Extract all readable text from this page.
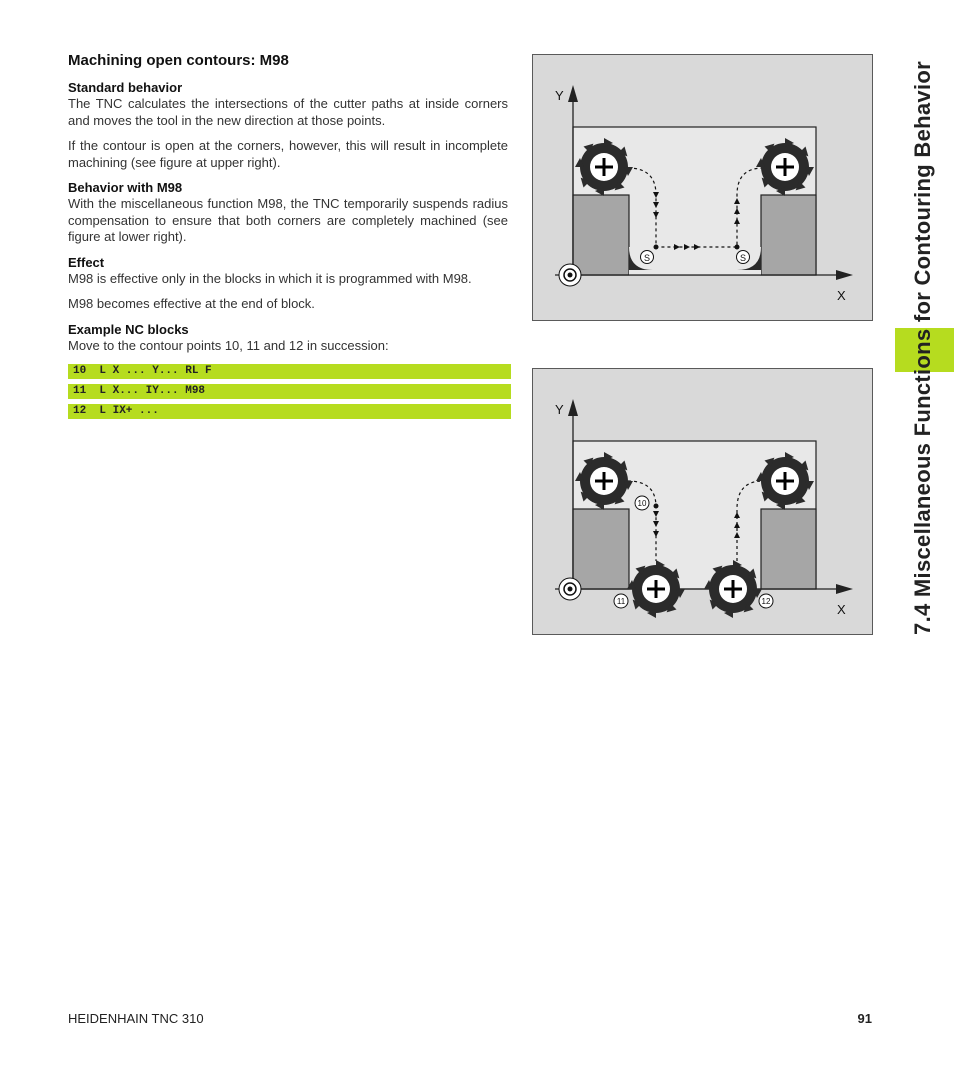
Machining open contours: M98
Standard behavior

The TNC calculates the intersections of the cutter paths at inside corners and moves the tool in the new direction at those points.

If the contour is open at the corners, however, this will result in incomplete machining (see figure at upper right).

Behavior with M98

With the miscellaneous function M98, the TNC temporarily suspends radius compensation to ensure that both corners are completely machined (see figure at lower right).

Effect

M98 is effective only in the blocks in which it is programmed with M98.

M98 becomes effective at the end of block.

Example NC blocks

Move to the contour points 10, 11 and 12 in succession:

10  L X ... Y... RL F
11  L X... IY... M98
12  L IX+ ...
Y
X
S	S
Y
X
10
11	12	7.4 Miscellaneous Functions for Contouring Behavior
HEIDENHAIN TNC 310	91
